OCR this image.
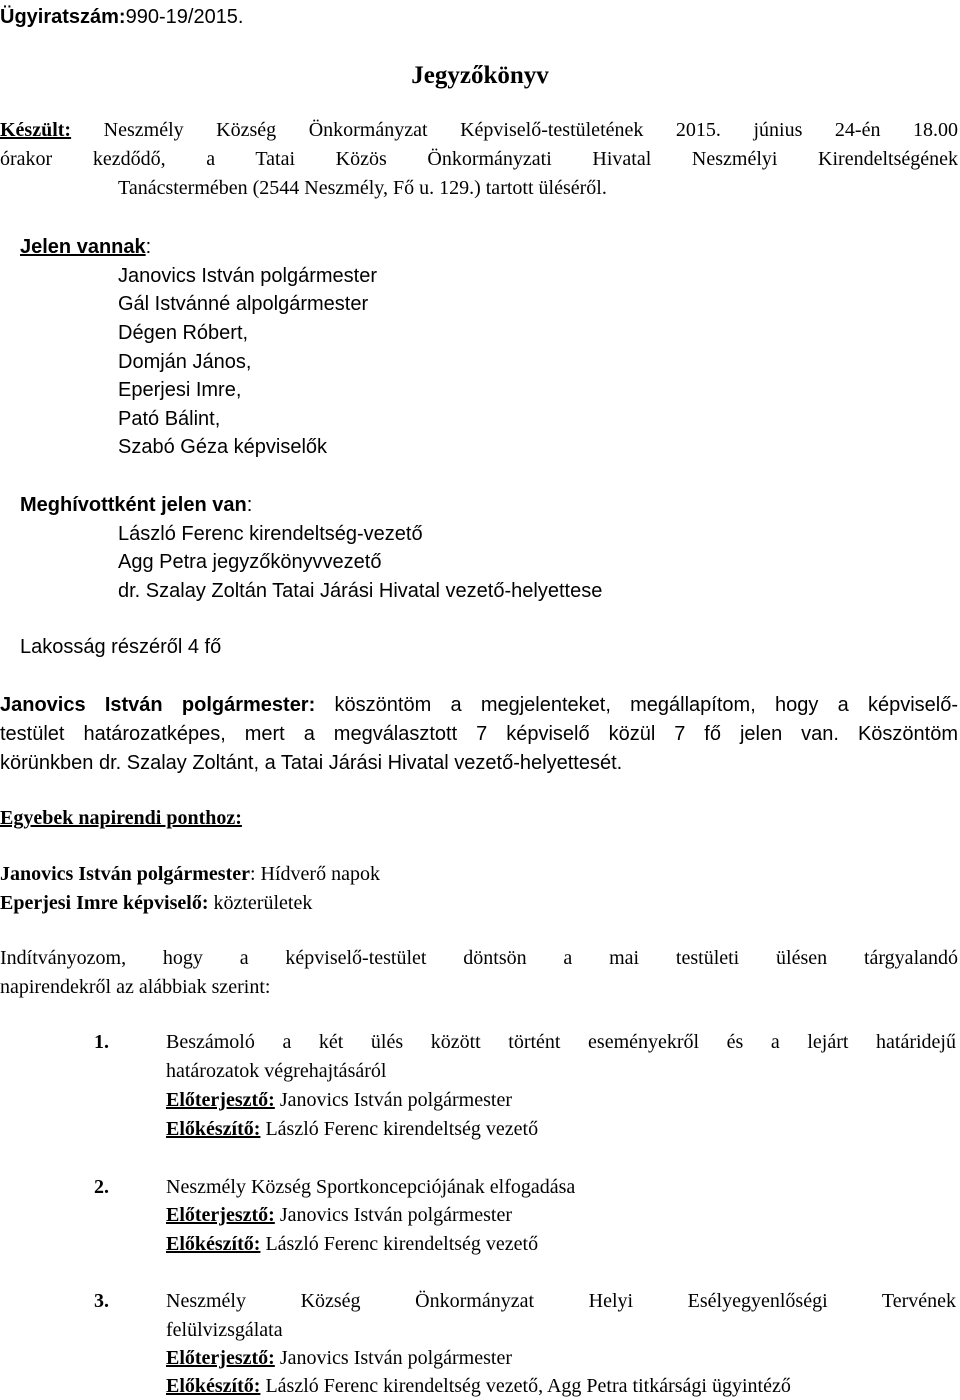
Ügyiratszám:990-19/2015.
Jegyzőkönyv
Készült: Neszmély Község Önkormányzat Képviselő-testületének 2015. június 24-én 18.00
órakor kezdődő, a Tatai Közös Önkormányzati Hivatal Neszmélyi Kirendeltségének
Tanácstermében (2544 Neszmély, Fő u. 129.) tartott üléséről.
Jelen vannak:
Janovics István polgármester
Gál Istvánné alpolgármester
Dégen Róbert,
Domján János,
Eperjesi Imre,
Pató Bálint,
Szabó Géza képviselők
Meghívottként jelen van:
László Ferenc kirendeltség-vezető
Agg Petra jegyzőkönyvvezető
dr. Szalay Zoltán Tatai Járási Hivatal vezető-helyettese
Lakosság részéről 4 fő
Janovics István polgármester: köszöntöm a megjelenteket, megállapítom, hogy a képviselő-
testület határozatképes, mert a megválasztott 7 képviselő közül 7 fő jelen van. Köszöntöm
körünkben dr. Szalay Zoltánt, a Tatai Járási Hivatal vezető-helyettesét.
Egyebek napirendi ponthoz:
Janovics István polgármester: Hídverő napok
Eperjesi Imre képviselő: közterületek
Indítványozom, hogy a képviselő-testület döntsön a mai testületi ülésen tárgyalandó
napirendekről az alábbiak szerint:
1.	Beszámoló a két ülés között történt eseményekről és a lejárt határidejű
határozatok végrehajtásáról
Előterjesztő: Janovics István polgármester
Előkészítő: László Ferenc kirendeltség vezető
2.	Neszmély Község Sportkoncepciójának elfogadása
Előterjesztő: Janovics István polgármester
Előkészítő: László Ferenc kirendeltség vezető
3.	Neszmély Község Önkormányzat Helyi Esélyegyenlőségi Tervének
felülvizsgálata
Előterjesztő: Janovics István polgármester
Előkészítő: László Ferenc kirendeltség vezető, Agg Petra titkársági ügyintéző
